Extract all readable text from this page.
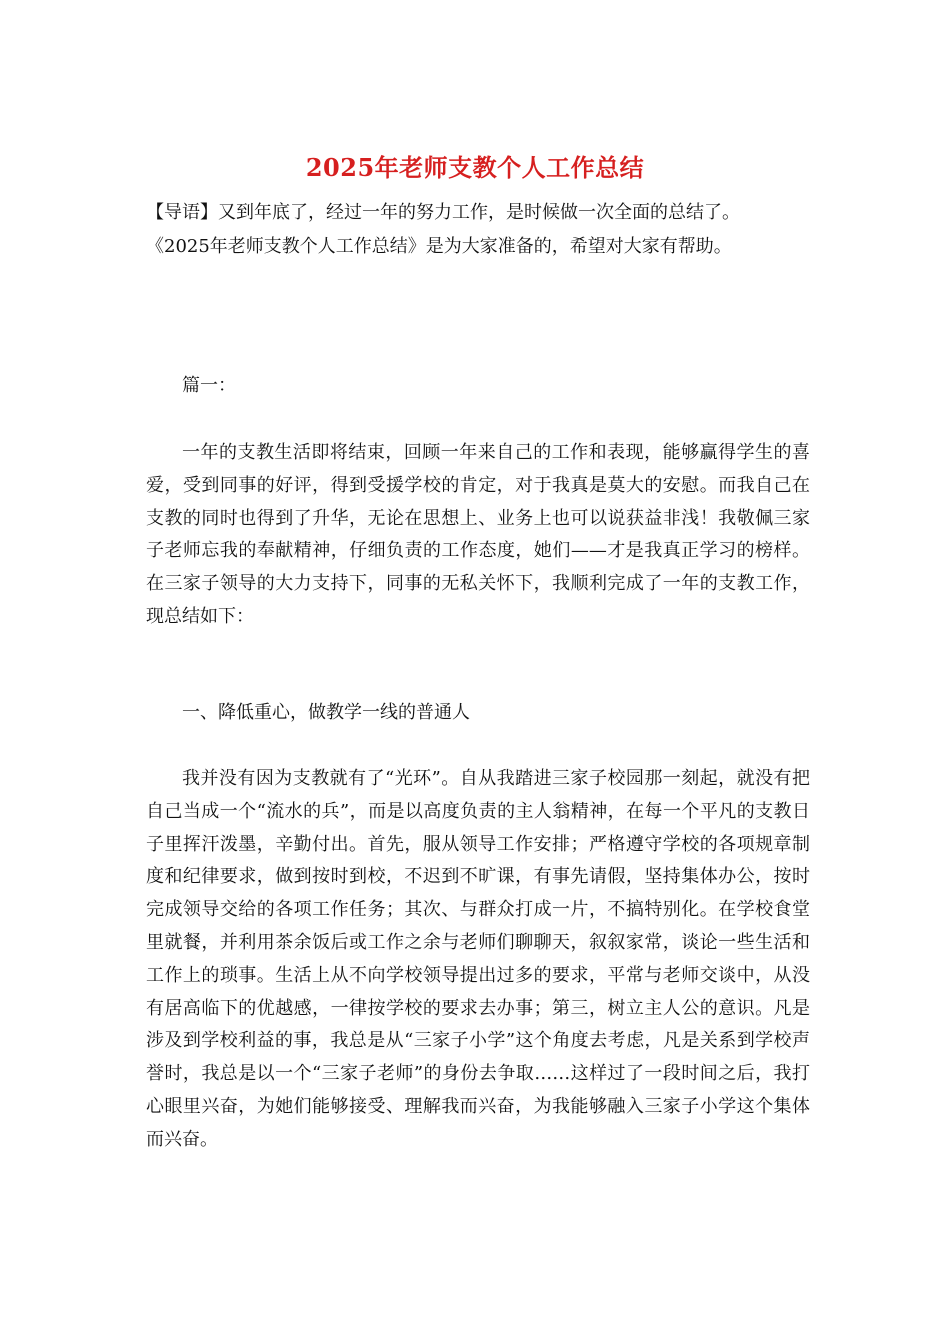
2025年老师支教个人工作总结

【导语】又到年底了，经过一年的努力工作，是时候做一次全面的总结了。

《2025年老师支教个人工作总结》是为大家准备的，希望对大家有帮助。

篇一：
一年的支教生活即将结束，回顾一年来自己的工作和表现，能够赢得学生的喜爱，受到同事的好评，得到受援学校的肯定，对于我真是莫大的安慰。而我自己在支教的同时也得到了升华，无论在思想上、业务上也可以说获益非浅！我敬佩三家子老师忘我的奉献精神，仔细负责的工作态度，她们——才是我真正学习的榜样。在三家子领导的大力支持下，同事的无私关怀下，我顺利完成了一年的支教工作，现总结如下：
一、降低重心，做教学一线的普通人
我并没有因为支教就有了“光环”。自从我踏进三家子校园那一刻起，就没有把自己当成一个“流水的兵”，而是以高度负责的主人翁精神，在每一个平凡的支教日子里挥汗泼墨，辛勤付出。首先，服从领导工作安排；严格遵守学校的各项规章制度和纪律要求，做到按时到校，不迟到不旷课，有事先请假，坚持集体办公，按时完成领导交给的各项工作任务；其次、与群众打成一片，不搞特别化。在学校食堂里就餐，并利用茶余饭后或工作之余与老师们聊聊天，叙叙家常，谈论一些生活和工作上的琐事。生活上从不向学校领导提出过多的要求，平常与老师交谈中，从没有居高临下的优越感，一律按学校的要求去办事；第三，树立主人公的意识。凡是涉及到学校利益的事，我总是从“三家子小学”这个角度去考虑，凡是关系到学校声誉时，我总是以一个“三家子老师”的身份去争取……这样过了一段时间之后，我打心眼里兴奋，为她们能够接受、理解我而兴奋，为我能够融入三家子小学这个集体而兴奋。
